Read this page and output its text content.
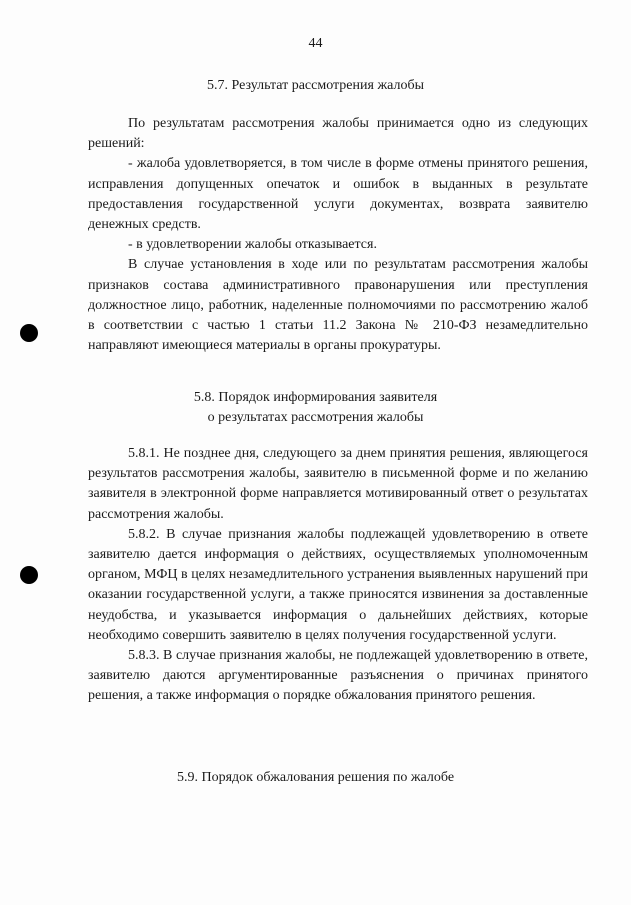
44
5.7. Результат рассмотрения жалобы

По результатам рассмотрения жалобы принимается одно из следующих решений:

- жалоба удовлетворяется, в том числе в форме отмены принятого решения, исправления допущенных опечаток и ошибок в выданных в результате предоставления государственной услуги документах, возврата заявителю денежных средств.

- в удовлетворении жалобы отказывается.

В случае установления в ходе или по результатам рассмотрения жалобы признаков состава административного правонарушения или преступления должностное лицо, работник, наделенные полномочиями по рассмотрению жалоб в соответствии с частью 1 статьи 11.2 Закона № 210-ФЗ незамедлительно направляют имеющиеся материалы в органы прокуратуры.

5.8. Порядок информирования заявителя
о результатах рассмотрения жалобы

5.8.1. Не позднее дня, следующего за днем принятия решения, являющегося результатов рассмотрения жалобы, заявителю в письменной форме и по желанию заявителя в электронной форме направляется мотивированный ответ о результатах рассмотрения жалобы.

5.8.2. В случае признания жалобы подлежащей удовлетворению в ответе заявителю дается информация о действиях, осуществляемых уполномоченным органом, МФЦ в целях незамедлительного устранения выявленных нарушений при оказании государственной услуги, а также приносятся извинения за доставленные неудобства, и указывается информация о дальнейших действиях, которые необходимо совершить заявителю в целях получения государственной услуги.

5.8.3. В случае признания жалобы, не подлежащей удовлетворению в ответе, заявителю даются аргументированные разъяснения о причинах принятого решения, а также информация о порядке обжалования принятого решения.

5.9. Порядок обжалования решения по жалобе
